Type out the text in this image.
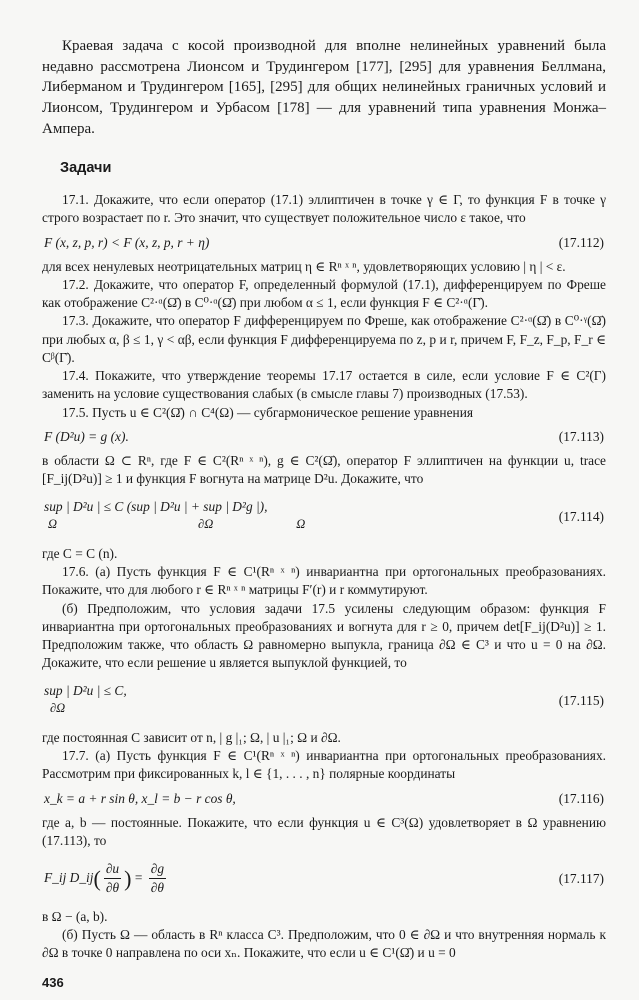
Краевая задача с косой производной для вполне нелинейных уравнений была недавно рассмотрена Лионсом и Трудингером [177], [295] для уравнения Беллмана, Либерманом и Трудингером [165], [295] для общих нелинейных граничных условий и Лионсом, Трудингером и Урбасом [178] — для уравнений типа уравнения Монжа–Ампера.

Задачи

17.1. Докажите, что если оператор (17.1) эллиптичен в точке γ ∈ Γ, то функция F в точке γ строго возрастает по r. Это значит, что существует положительное число ε такое, что

F (x, z, p, r) < F (x, z, p, r + η)	(17.112)

для всех ненулевых неотрицательных матриц η ∈ Rⁿ ˣ ⁿ, удовлетворяющих условию | η | < ε.

17.2. Докажите, что оператор F, определенный формулой (17.1), дифференцируем по Фреше как отображение C²·ᵅ(Ω̄) в C⁰·ᵅ(Ω̄) при любом α ≤ 1, если функция F ∈ C²·ᵅ(Γ̄).

17.3. Докажите, что оператор F дифференцируем по Фреше, как отображение C²·ᵅ(Ω̄) в C⁰·ᵞ(Ω̄) при любых α, β ≤ 1, γ < αβ, если функция F дифференцируема по z, p и r, причем F, F_z, F_p, F_r ∈ Cᵝ(Γ̄).

17.4. Покажите, что утверждение теоремы 17.17 остается в силе, если условие F ∈ C²(Γ) заменить на условие существования слабых (в смысле главы 7) производных (17.53).

17.5. Пусть u ∈ C²(Ω̄) ∩ C⁴(Ω) — субгармоническое решение уравнения

F (D²u) = g (x).	(17.113)

в области Ω ⊂ Rⁿ, где F ∈ C²(Rⁿ ˣ ⁿ), g ∈ C²(Ω̄), оператор F эллиптичен на функции u, trace [F_ij(D²u)] ≥ 1 и функция F вогнута на матрице D²u. Докажите, что

sup | D²u | ≤ C (sup | D²u | + sup | D²g |),

Ω	∂Ω	Ω
(17.114)

где C = C (n).

17.6. (а) Пусть функция F ∈ C¹(Rⁿ ˣ ⁿ) инвариантна при ортогональных преобразованиях. Покажите, что для любого r ∈ Rⁿ ˣ ⁿ матрицы F′(r) и r коммутируют.

(б) Предположим, что условия задачи 17.5 усилены следующим образом: функция F инвариантна при ортогональных преобразованиях и вогнута для r ≥ 0, причем det[F_ij(D²u)] ≥ 1. Предположим также, что область Ω равномерно выпукла, граница ∂Ω ∈ C³ и что u = 0 на ∂Ω. Докажите, что если решение u является выпуклой функцией, то

sup | D²u | ≤ C,

∂Ω
(17.115)

где постоянная C зависит от n, | g |₁; Ω, | u |₁; Ω и ∂Ω.

17.7. (а) Пусть функция F ∈ C¹(Rⁿ ˣ ⁿ) инвариантна при ортогональных преобразованиях. Рассмотрим при фиксированных k, l ∈ {1, . . . , n} полярные координаты

x_k = a + r sin θ, x_l = b − r cos θ,	(17.116)

где a, b — постоянные. Покажите, что если функция u ∈ C³(Ω) удовлетворяет в Ω уравнению (17.113), то

F_ij D_ij( $\frac{\partial u}{\partial\theta}$ ) = $\frac{\partial g}{\partial\theta}$	(17.117)

в Ω − (a, b).

(б) Пусть Ω — область в Rⁿ класса C³. Предположим, что 0 ∈ ∂Ω и что внутренняя нормаль к ∂Ω в точке 0 направлена по оси xₙ. Покажите, что если u ∈ C¹(Ω̄) и u = 0

436
